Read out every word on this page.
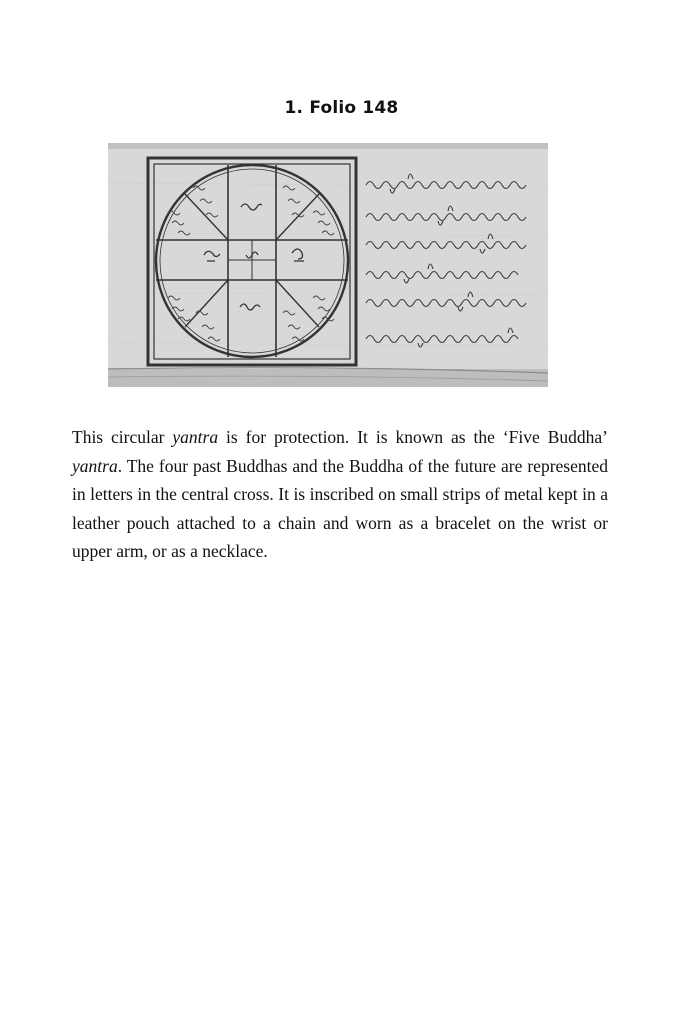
1. Folio 148
This circular yantra is for protection. It is known as the ‘Five Buddha’ yantra. The four past Buddhas and the Buddha of the future are represented in letters in the central cross. It is inscribed on small strips of metal kept in a leather pouch attached to a chain and worn as a bracelet on the wrist or upper arm, or as a necklace.
